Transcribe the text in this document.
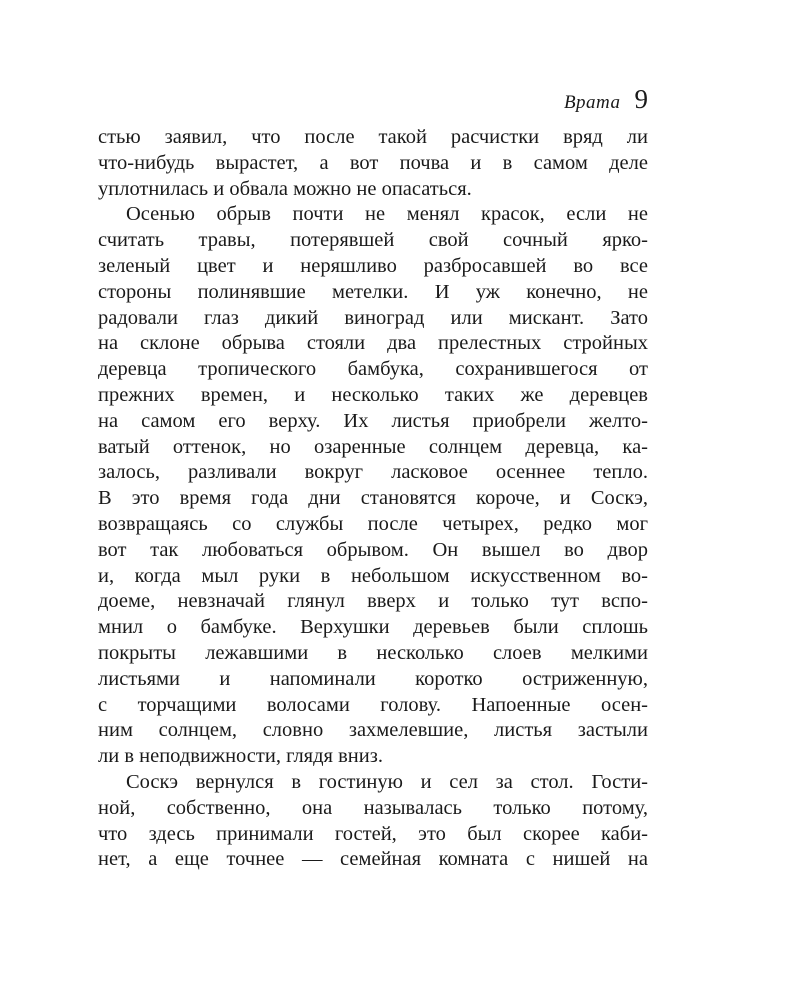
Врата 9
стью заявил, что после такой расчистки вряд ли
что-нибудь вырастет, а вот почва и в самом деле
уплотнилась и обвала можно не опасаться.
Осенью обрыв почти не менял красок, если не
считать травы, потерявшей свой сочный ярко-
зеленый цвет и неряшливо разбросавшей во все
стороны полинявшие метелки. И уж конечно, не
радовали глаз дикий виноград или мискант. Зато
на склоне обрыва стояли два прелестных стройных
деревца тропического бамбука, сохранившегося от
прежних времен, и несколько таких же деревцев
на самом его верху. Их листья приобрели желто-
ватый оттенок, но озаренные солнцем деревца, ка-
залось, разливали вокруг ласковое осеннее тепло.
В это время года дни становятся короче, и Соскэ,
возвращаясь со службы после четырех, редко мог
вот так любоваться обрывом. Он вышел во двор
и, когда мыл руки в небольшом искусственном во-
доеме, невзначай глянул вверх и только тут вспо-
мнил о бамбуке. Верхушки деревьев были сплошь
покрыты лежавшими в несколько слоев мелкими
листьями и напоминали коротко остриженную,
с торчащими волосами голову. Напоенные осен-
ним солнцем, словно захмелевшие, листья застыли
ли в неподвижности, глядя вниз.
Соскэ вернулся в гостиную и сел за стол. Гости-
ной, собственно, она называлась только потому,
что здесь принимали гостей, это был скорее каби-
нет, а еще точнее — семейная комната с нишей на
